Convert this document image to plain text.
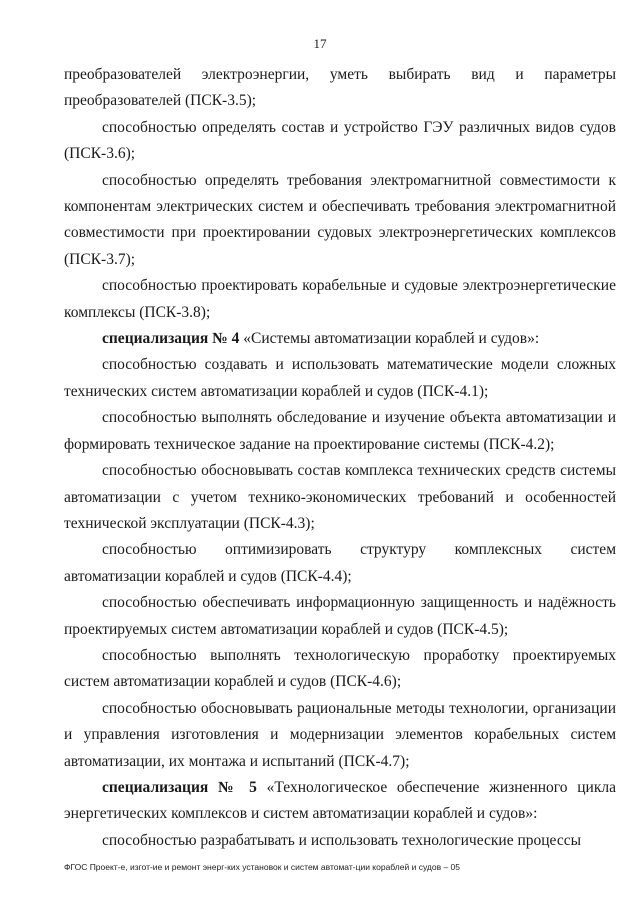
17

преобразователей электроэнергии, уметь выбирать вид и параметры преобразователей (ПСК-3.5);

способностью определять состав и устройство ГЭУ различных видов судов (ПСК-3.6);

способностью определять требования электромагнитной совместимости к компонентам электрических систем и обеспечивать требования электромагнитной совместимости при проектировании судовых электроэнергетических комплексов (ПСК-3.7);

способностью проектировать корабельные и судовые электроэнергетические комплексы (ПСК-3.8);

специализация № 4 «Системы автоматизации кораблей и судов»:

способностью создавать и использовать математические модели сложных технических систем автоматизации кораблей и судов (ПСК-4.1);

способностью выполнять обследование и изучение объекта автоматизации и формировать техническое задание на проектирование системы (ПСК-4.2);

способностью обосновывать состав комплекса технических средств системы автоматизации с учетом технико-экономических требований и особенностей технической эксплуатации (ПСК-4.3);

способностью оптимизировать структуру комплексных систем автоматизации кораблей и судов (ПСК-4.4);

способностью обеспечивать информационную защищенность и надёжность проектируемых систем автоматизации кораблей и судов (ПСК-4.5);

способностью выполнять технологическую проработку проектируемых систем автоматизации кораблей и судов (ПСК-4.6);

способностью обосновывать рациональные методы технологии, организации и управления изготовления и модернизации элементов корабельных систем автоматизации, их монтажа и испытаний (ПСК-4.7);

специализация № 5 «Технологическое обеспечение жизненного цикла энергетических комплексов и систем автоматизации кораблей и судов»:

способностью разрабатывать и использовать технологические процессы

ФГОС Проект-е, изгот-ие и ремонт энерг-ких установок и систем автомат-ции кораблей и судов – 05
